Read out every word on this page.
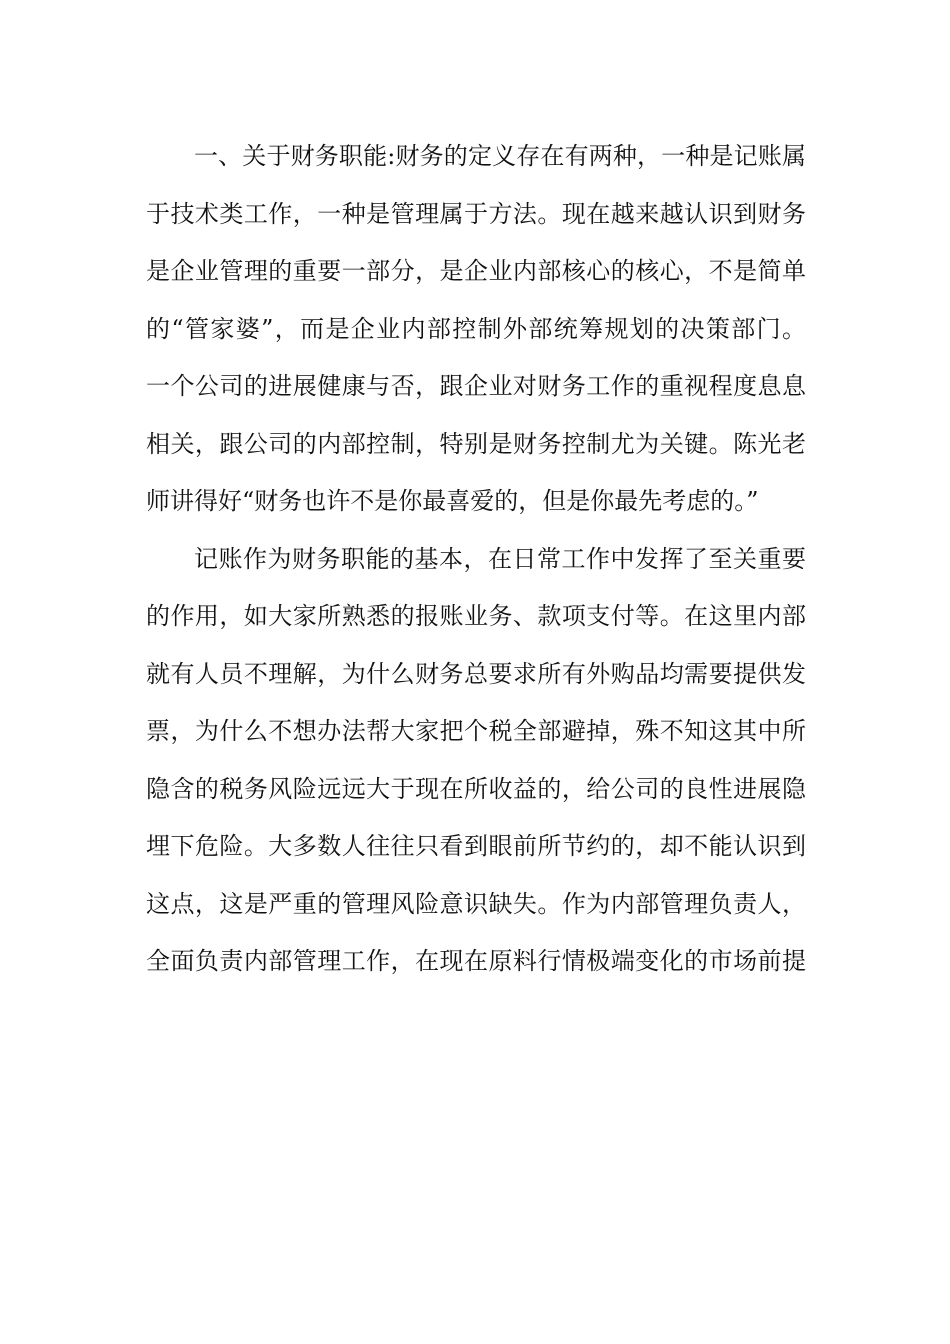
一、关于财务职能:财务的定义存在有两种，一种是记账属
于技术类工作，一种是管理属于方法。现在越来越认识到财务
是企业管理的重要一部分，是企业内部核心的核心，不是简单
的“管家婆”，而是企业内部控制外部统筹规划的决策部门。
一个公司的进展健康与否，跟企业对财务工作的重视程度息息
相关，跟公司的内部控制，特别是财务控制尤为关键。陈光老
师讲得好“财务也许不是你最喜爱的，但是你最先考虑的。”
记账作为财务职能的基本，在日常工作中发挥了至关重要
的作用，如大家所熟悉的报账业务、款项支付等。在这里内部
就有人员不理解，为什么财务总要求所有外购品均需要提供发
票，为什么不想办法帮大家把个税全部避掉，殊不知这其中所
隐含的税务风险远远大于现在所收益的，给公司的良性进展隐
埋下危险。大多数人往往只看到眼前所节约的，却不能认识到
这点，这是严重的管理风险意识缺失。作为内部管理负责人，
全面负责内部管理工作，在现在原料行情极端变化的市场前提
